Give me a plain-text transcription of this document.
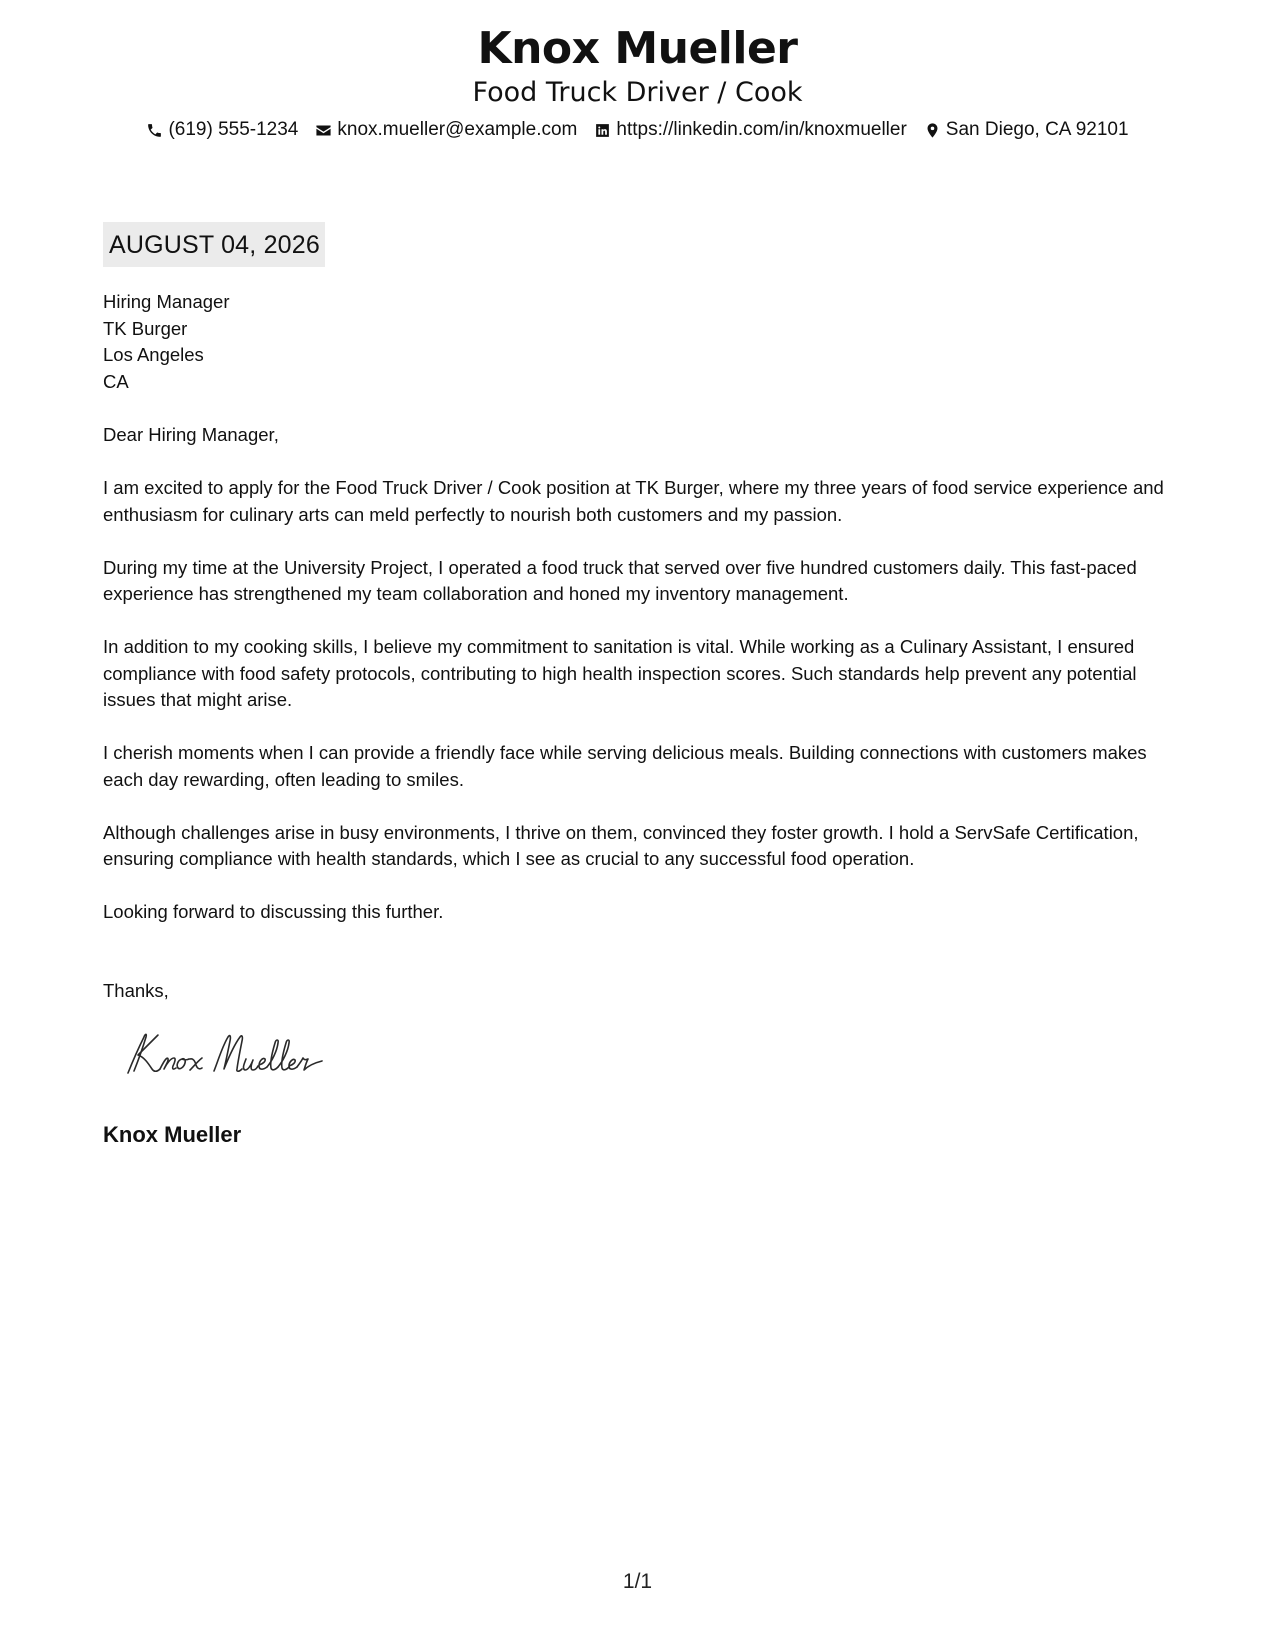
Knox Mueller
Food Truck Driver / Cook
(619) 555-1234 knox.mueller@example.com https://linkedin.com/in/knoxmueller San Diego, CA 92101
AUGUST 04, 2026
Hiring Manager
TK Burger
Los Angeles
CA

Dear Hiring Manager,

I am excited to apply for the Food Truck Driver / Cook position at TK Burger, where my three years of food service experience and enthusiasm for culinary arts can meld perfectly to nourish both customers and my passion.

During my time at the University Project, I operated a food truck that served over five hundred customers daily. This fast-paced experience has strengthened my team collaboration and honed my inventory management.

In addition to my cooking skills, I believe my commitment to sanitation is vital. While working as a Culinary Assistant, I ensured compliance with food safety protocols, contributing to high health inspection scores. Such standards help prevent any potential issues that might arise.

I cherish moments when I can provide a friendly face while serving delicious meals. Building connections with customers makes each day rewarding, often leading to smiles.

Although challenges arise in busy environments, I thrive on them, convinced they foster growth. I hold a ServSafe Certification, ensuring compliance with health standards, which I see as crucial to any successful food operation.

Looking forward to discussing this further.

Thanks,
Knox Mueller
1/1
